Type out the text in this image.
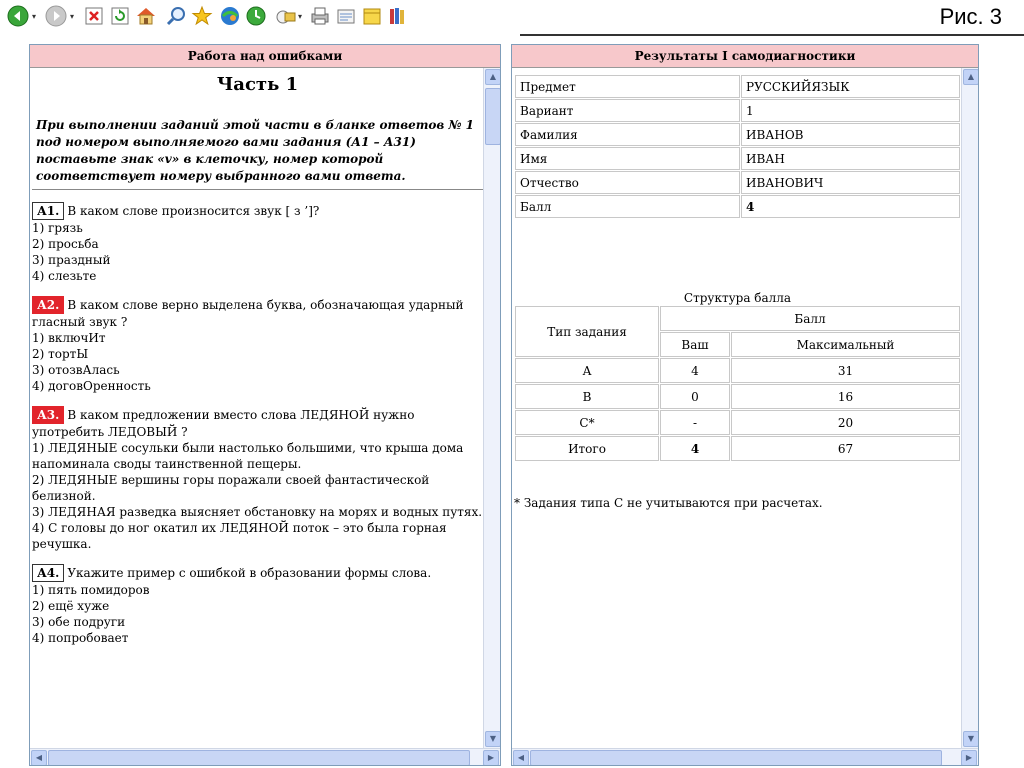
▾	▾	▾	Рис. 3
Работа над ошибками
Часть 1
При выполнении заданий этой части в бланке ответов № 1 под номером выполняемого вами задания (А1 – А31) поставьте знак «v» в клеточку, номер которой соответствует номеру выбранного вами ответа.
А1. В каком слове произносится звук [ з ’]?
1) грязь
2) просьба
3) праздный
4) слезьте
А2. В каком слове верно выделена буква, обозначающая ударный гласный звук ?
1) включИт
2) тортЫ
3) отозвАлась
4) договОренность
А3. В каком предложении вместо слова ЛЕДЯНОЙ нужно употребить ЛЕДОВЫЙ ?
1) ЛЕДЯНЫЕ сосульки были настолько большими, что крыша дома напоминала своды таинственной пещеры.
2) ЛЕДЯНЫЕ вершины горы поражали своей фантастической белизной.
3) ЛЕДЯНАЯ разведка выясняет обстановку на морях и водных путях.
4) С головы до ног окатил их ЛЕДЯНОЙ поток – это была горная речушка.
А4. Укажите пример с ошибкой в образовании формы слова.
1) пять помидоров
2) ещё хуже
3) обе подруги
4) попробовает
▲
▼
◀	▶
Результаты I самодиагностики
Предмет	РУССКИЙЯЗЫК
Вариант	1
Фамилия	ИВАНОВ
Имя	ИВАН
Отчество	ИВАНОВИЧ
Балл	4
Структура балла
Тип задания	Балл	
	Ваш	Максимальный
А	4	31
В	0	16
С*	-	20
Итого	4	67
* Задания типа С не учитываются при расчетах.
▲
▼
◀	▶
